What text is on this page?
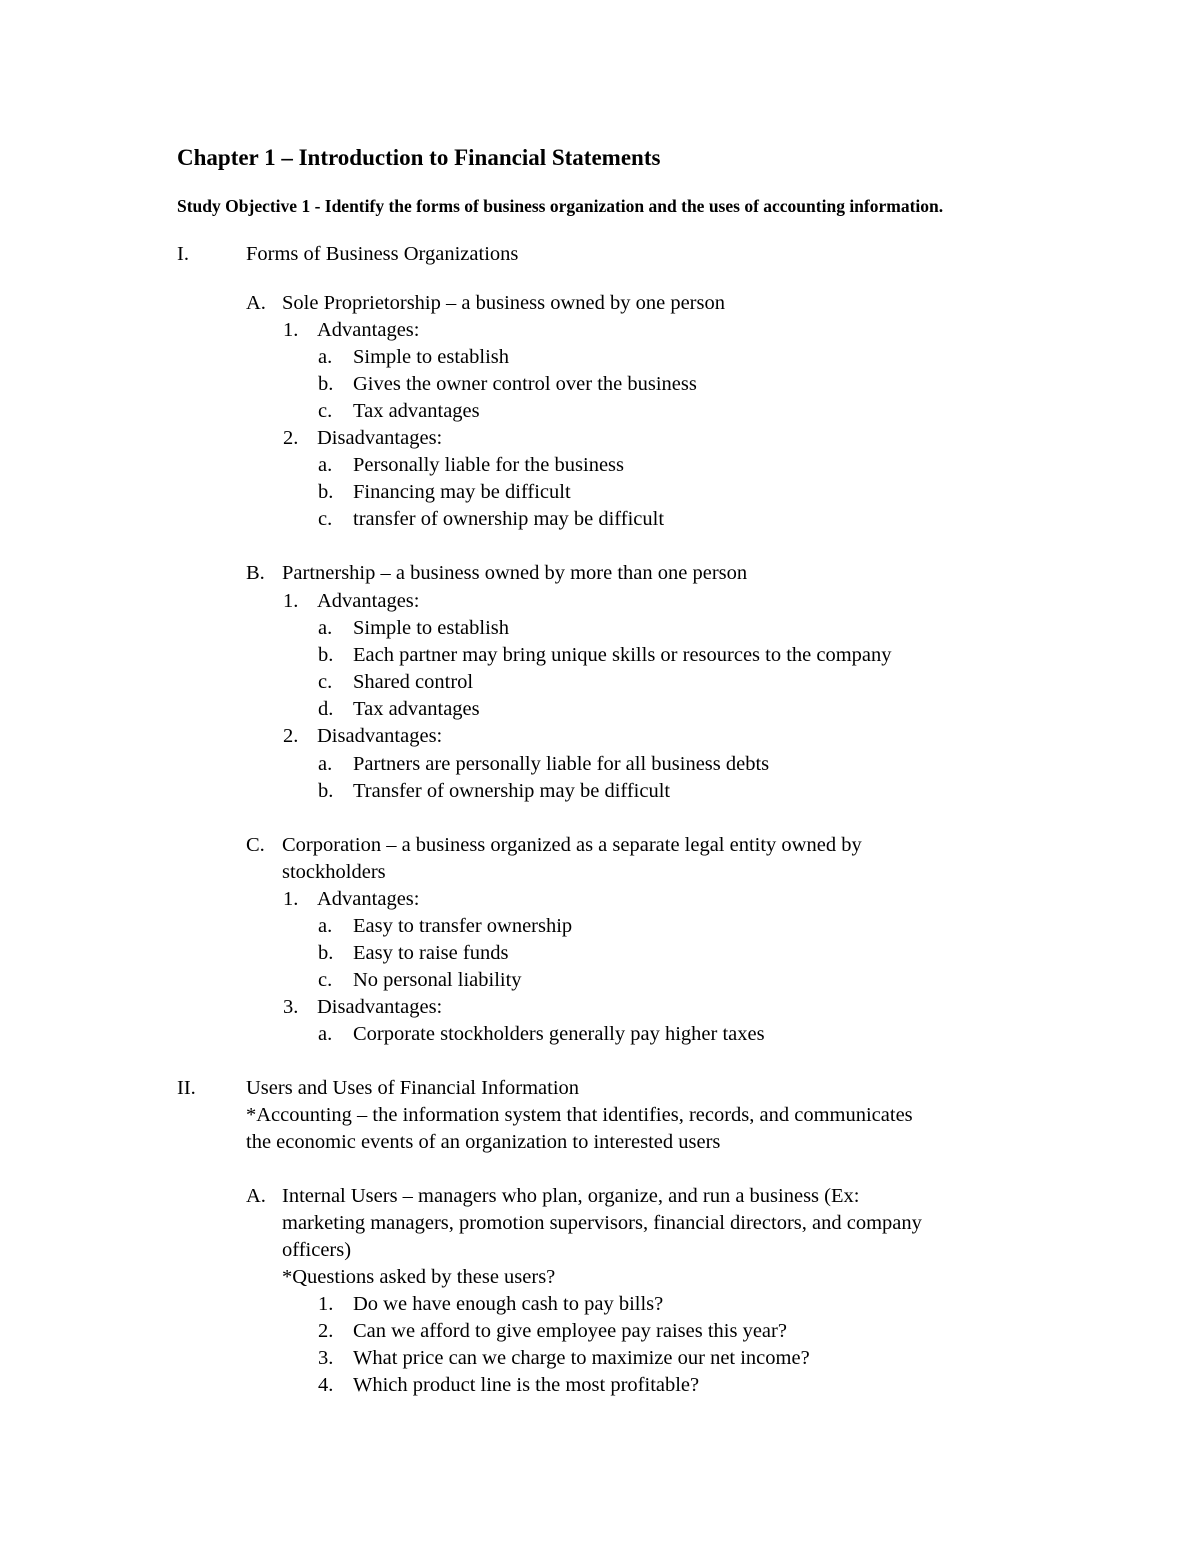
Chapter 1 – Introduction to Financial Statements
Study Objective 1 - Identify the forms of business organization and the uses of accounting information.
I.	Forms of Business Organizations
A. Sole Proprietorship – a business owned by one person
1. Advantages:
a. Simple to establish
b. Gives the owner control over the business
c. Tax advantages
2. Disadvantages:
a. Personally liable for the business
b. Financing may be difficult
c. transfer of ownership may be difficult
B. Partnership – a business owned by more than one person
1. Advantages:
a. Simple to establish
b. Each partner may bring unique skills or resources to the company
c. Shared control
d. Tax advantages
2. Disadvantages:
a. Partners are personally liable for all business debts
b. Transfer of ownership may be difficult
C. Corporation – a business organized as a separate legal entity owned by
stockholders
1. Advantages:
a. Easy to transfer ownership
b. Easy to raise funds
c. No personal liability
3. Disadvantages:
a. Corporate stockholders generally pay higher taxes
II. Users and Uses of Financial Information
*Accounting – the information system that identifies, records, and communicates
the economic events of an organization to interested users
A. Internal Users – managers who plan, organize, and run a business (Ex:
marketing managers, promotion supervisors, financial directors, and company
officers)
*Questions asked by these users?
1. Do we have enough cash to pay bills?
2. Can we afford to give employee pay raises this year?
3. What price can we charge to maximize our net income?
4. Which product line is the most profitable?
